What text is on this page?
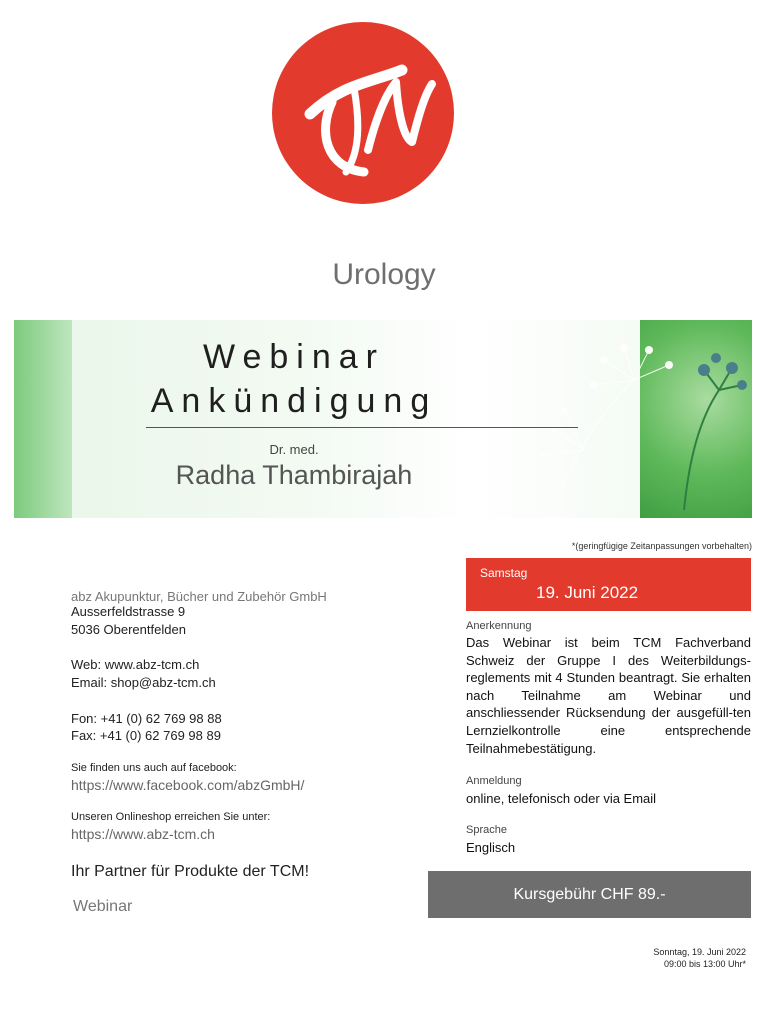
Urology
Webinar
Ankündigung
Dr. med.
Radha Thambirajah
*(geringfügige Zeitanpassungen vorbehalten)
abz Akupunktur, Bücher und Zubehör GmbH
Ausserfeldstrasse 9
5036 Oberentfelden
Web: www.abz-tcm.ch
Email: shop@abz-tcm.ch
Fon: +41 (0) 62 769 98 88
Fax: +41 (0) 62 769 98 89
Sie finden uns auch auf facebook:
https://www.facebook.com/abzGmbH/
Unseren Onlineshop erreichen Sie unter:
https://www.abz-tcm.ch
Ihr Partner für Produkte der TCM!
Webinar
Samstag
19. Juni 2022
Anerkennung
Das Webinar ist beim TCM Fachverband Schweiz der Gruppe I des Weiterbildungs-reglements mit 4 Stunden beantragt. Sie erhalten nach Teilnahme am Webinar und anschliessender Rücksendung der ausgefüll-ten Lernzielkontrolle eine entsprechende Teilnahmebestätigung.
Anmeldung
online, telefonisch oder via Email
Sprache
Englisch
Kursgebühr CHF 89.-
Sonntag, 19. Juni 2022
09:00 bis 13:00 Uhr*
